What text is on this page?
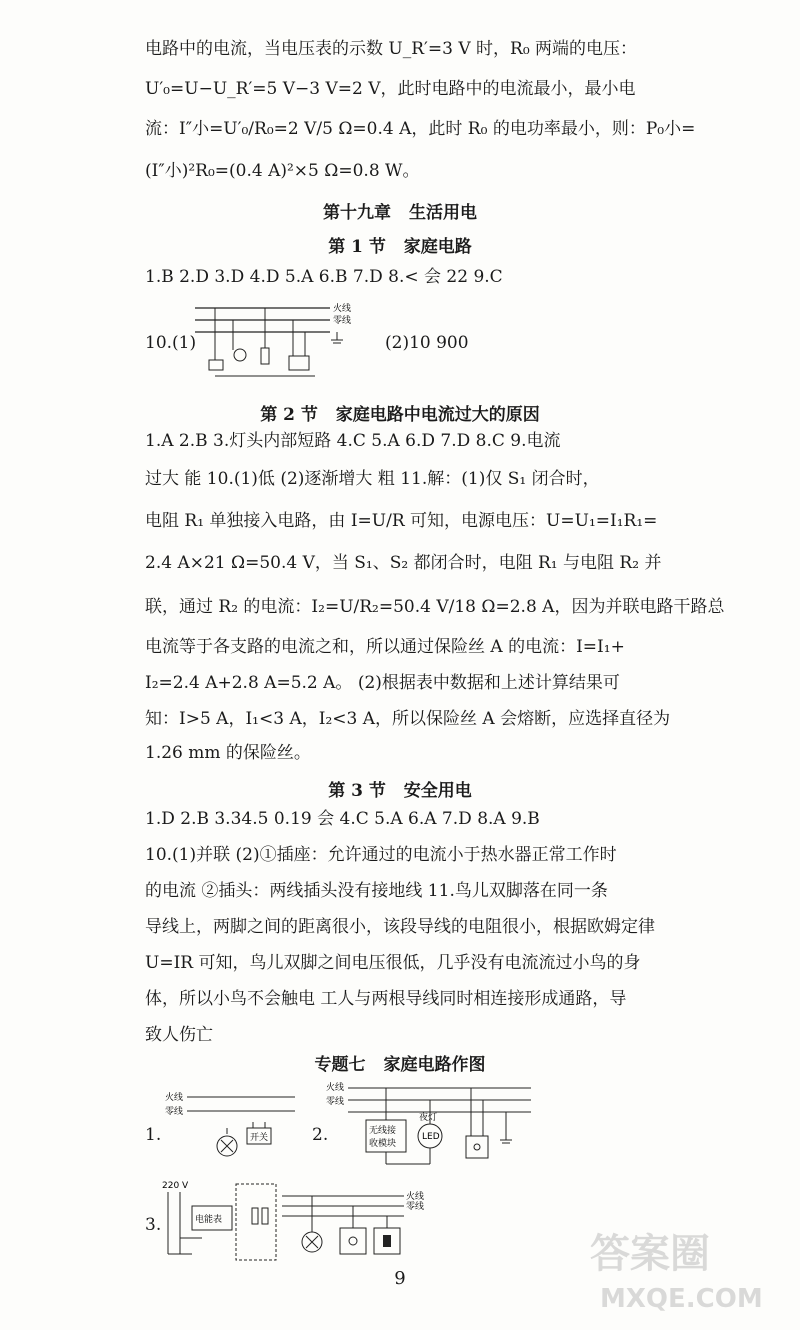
电路中的电流，当电压表的示数 U_R′=3 V 时，R₀ 两端的电压：
U′₀=U−U_R′=5 V−3 V=2 V，此时电路中的电流最小，最小电
流：I″小=U′₀/R₀=2 V/5 Ω=0.4 A，此时 R₀ 的电功率最小，则：P₀小=
(I″小)²R₀=(0.4 A)²×5 Ω=0.8 W。
第十九章 生活用电
第 1 节 家庭电路
1.B 2.D 3.D 4.D 5.A 6.B 7.D 8.< 会 22 9.C
10.(1)
火线
零线
(2)10 900
第 2 节 家庭电路中电流过大的原因
1.A 2.B 3.灯头内部短路 4.C 5.A 6.D 7.D 8.C 9.电流
过大 能 10.(1)低 (2)逐渐增大 粗 11.解：(1)仅 S₁ 闭合时，
电阻 R₁ 单独接入电路，由 I=U/R 可知，电源电压：U=U₁=I₁R₁=
2.4 A×21 Ω=50.4 V，当 S₁、S₂ 都闭合时，电阻 R₁ 与电阻 R₂ 并
联，通过 R₂ 的电流：I₂=U/R₂=50.4 V/18 Ω=2.8 A，因为并联电路干路总
电流等于各支路的电流之和，所以通过保险丝 A 的电流：I=I₁+
I₂=2.4 A+2.8 A=5.2 A。 (2)根据表中数据和上述计算结果可
知：I>5 A，I₁<3 A，I₂<3 A，所以保险丝 A 会熔断，应选择直径为
1.26 mm 的保险丝。
第 3 节 安全用电
1.D 2.B 3.34.5 0.19 会 4.C 5.A 6.A 7.D 8.A 9.B
10.(1)并联 (2)①插座：允许通过的电流小于热水器正常工作时
的电流 ②插头：两线插头没有接地线 11.鸟儿双脚落在同一条
导线上，两脚之间的距离很小，该段导线的电阻很小，根据欧姆定律
U=IR 可知，鸟儿双脚之间电压很低，几乎没有电流流过小鸟的身
体，所以小鸟不会触电 工人与两根导线同时相连接形成通路，导
致人伤亡
专题七 家庭电路作图
1.
火线
零线
开关	2.
火线
零线
无线接
收模块
夜灯
LED
3.
220 V
电能表
火线
零线
9
答案圈
MXQE.COM
